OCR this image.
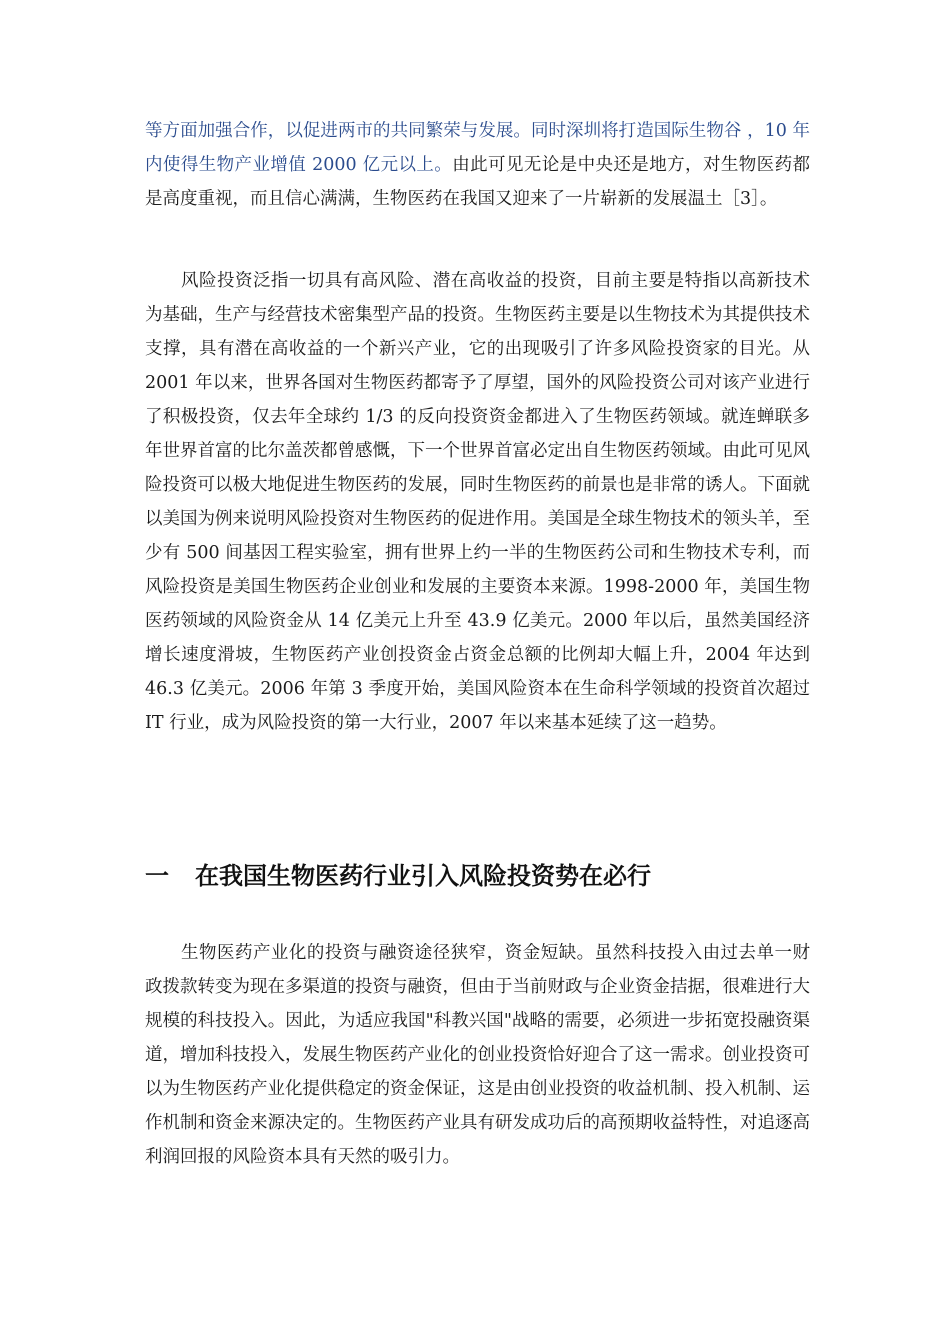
等方面加强合作，以促进两市的共同繁荣与发展。同时深圳将打造国际生物谷 ，10 年内使得生物产业增值 2000 亿元以上。由此可见无论是中央还是地方，对生物医药都是高度重视，而且信心满满，生物医药在我国又迎来了一片崭新的发展温土［3］。

风险投资泛指一切具有高风险、潜在高收益的投资，目前主要是特指以高新技术为基础，生产与经营技术密集型产品的投资。生物医药主要是以生物技术为其提供技术支撑，具有潜在高收益的一个新兴产业，它的出现吸引了许多风险投资家的目光。从 2001 年以来，世界各国对生物医药都寄予了厚望，国外的风险投资公司对该产业进行了积极投资，仅去年全球约 1/3 的反向投资资金都进入了生物医药领域。就连蝉联多年世界首富的比尔盖茨都曾感慨，下一个世界首富必定出自生物医药领域。由此可见风险投资可以极大地促进生物医药的发展，同时生物医药的前景也是非常的诱人。下面就以美国为例来说明风险投资对生物医药的促进作用。美国是全球生物技术的领头羊，至少有 500 间基因工程实验室，拥有世界上约一半的生物医药公司和生物技术专利，而风险投资是美国生物医药企业创业和发展的主要资本来源。1998-2000 年，美国生物医药领域的风险资金从 14 亿美元上升至 43.9 亿美元。2000 年以后，虽然美国经济增长速度滑坡，生物医药产业创投资金占资金总额的比例却大幅上升，2004 年达到 46.3 亿美元。2006 年第 3 季度开始，美国风险资本在生命科学领域的投资首次超过 IT 行业，成为风险投资的第一大行业，2007 年以来基本延续了这一趋势。

一 在我国生物医药行业引入风险投资势在必行

生物医药产业化的投资与融资途径狭窄，资金短缺。虽然科技投入由过去单一财政拨款转变为现在多渠道的投资与融资，但由于当前财政与企业资金拮据，很难进行大规模的科技投入。因此，为适应我国"科教兴国"战略的需要，必须进一步拓宽投融资渠道，增加科技投入，发展生物医药产业化的创业投资恰好迎合了这一需求。创业投资可以为生物医药产业化提供稳定的资金保证，这是由创业投资的收益机制、投入机制、运作机制和资金来源决定的。生物医药产业具有研发成功后的高预期收益特性，对追逐高利润回报的风险资本具有天然的吸引力。
